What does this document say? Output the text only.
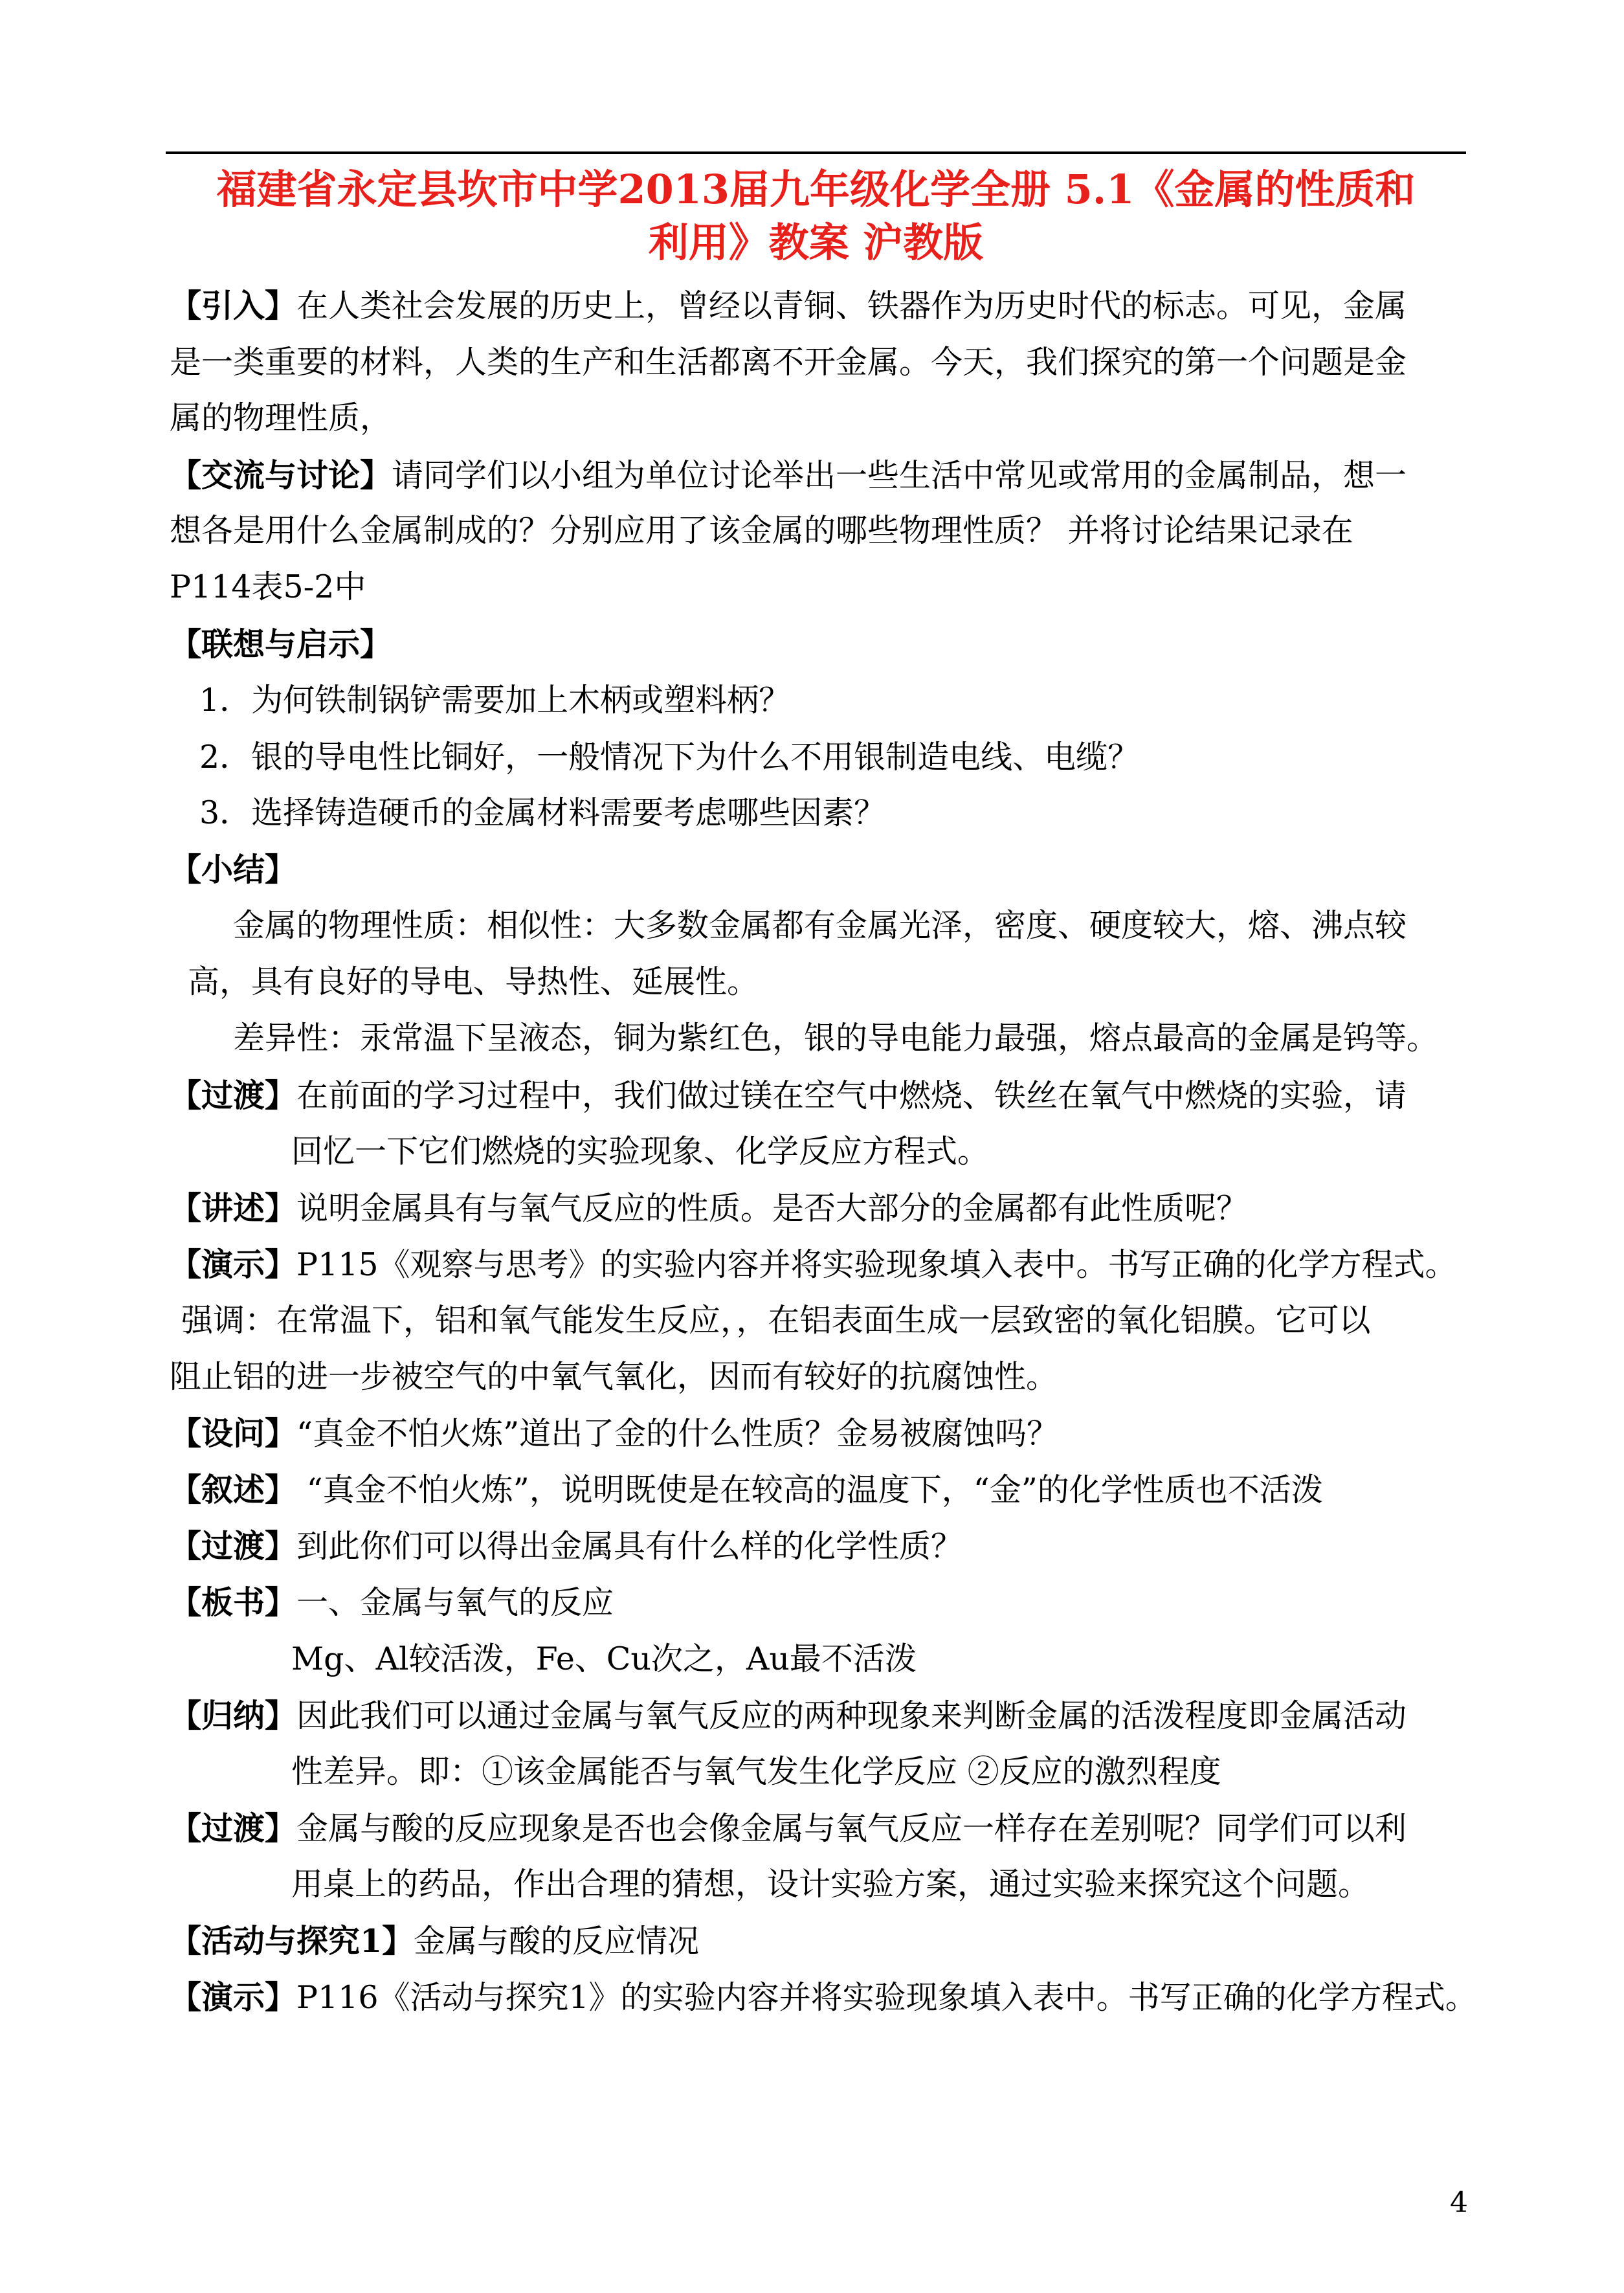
福建省永定县坎市中学2013届九年级化学全册 5.1《金属的性质和
利用》教案 沪教版
【引入】在人类社会发展的历史上，曾经以青铜、铁器作为历史时代的标志。可见，金属
是一类重要的材料，人类的生产和生活都离不开金属。今天，我们探究的第一个问题是金
属的物理性质，
【交流与讨论】请同学们以小组为单位讨论举出一些生活中常见或常用的金属制品，想一
想各是用什么金属制成的？分别应用了该金属的哪些物理性质？ 并将讨论结果记录在
P114表5-2中
【联想与启示】
1．为何铁制锅铲需要加上木柄或塑料柄？
2．银的导电性比铜好，一般情况下为什么不用银制造电线、电缆？
3．选择铸造硬币的金属材料需要考虑哪些因素？
【小结】
金属的物理性质：相似性：大多数金属都有金属光泽，密度、硬度较大，熔、沸点较
高，具有良好的导电、导热性、延展性。
差异性：汞常温下呈液态，铜为紫红色，银的导电能力最强，熔点最高的金属是钨等。
【过渡】在前面的学习过程中，我们做过镁在空气中燃烧、铁丝在氧气中燃烧的实验，请
回忆一下它们燃烧的实验现象、化学反应方程式。
【讲述】说明金属具有与氧气反应的性质。是否大部分的金属都有此性质呢？
【演示】P115《观察与思考》的实验内容并将实验现象填入表中。书写正确的化学方程式。
强调：在常温下，铝和氧气能发生反应，，在铝表面生成一层致密的氧化铝膜。它可以
阻止铝的进一步被空气的中氧气氧化，因而有较好的抗腐蚀性。
【设问】“真金不怕火炼”道出了金的什么性质？金易被腐蚀吗？
【叙述】 “真金不怕火炼”，说明既使是在较高的温度下，“金”的化学性质也不活泼
【过渡】到此你们可以得出金属具有什么样的化学性质？
【板书】一、金属与氧气的反应
Mg、Al较活泼，Fe、Cu次之，Au最不活泼
【归纳】因此我们可以通过金属与氧气反应的两种现象来判断金属的活泼程度即金属活动
性差异。即：①该金属能否与氧气发生化学反应 ②反应的激烈程度
【过渡】金属与酸的反应现象是否也会像金属与氧气反应一样存在差别呢？同学们可以利
用桌上的药品，作出合理的猜想，设计实验方案，通过实验来探究这个问题。
【活动与探究1】金属与酸的反应情况
【演示】P116《活动与探究1》的实验内容并将实验现象填入表中。书写正确的化学方程式。
4
